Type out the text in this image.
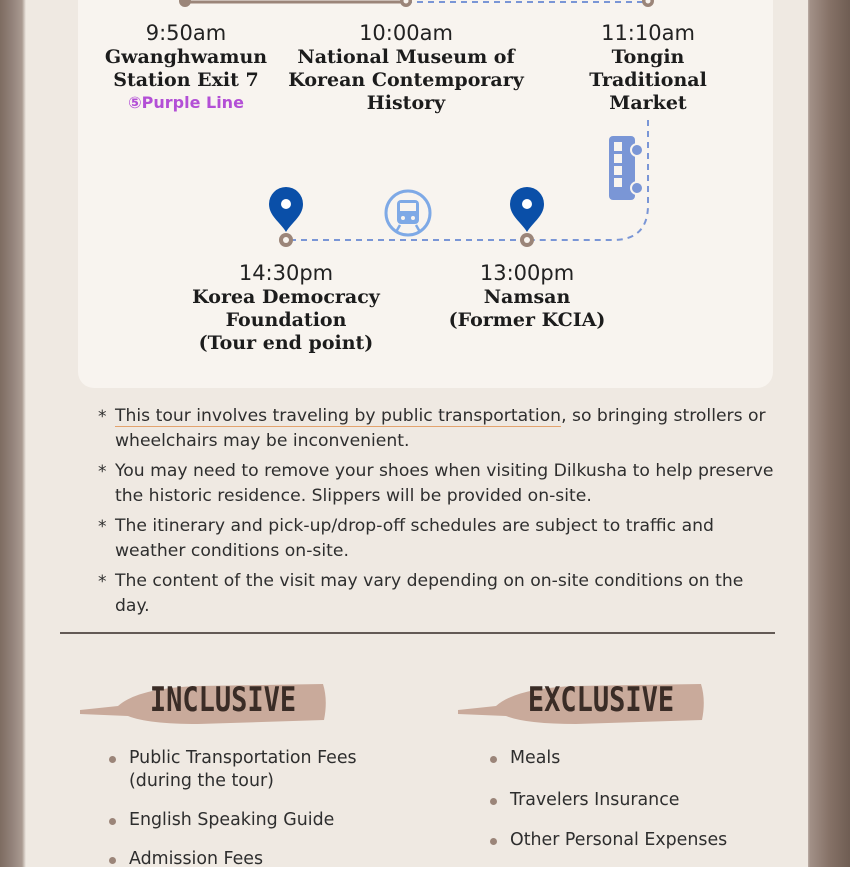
9:50am
Gwanghwamun
Station Exit 7
⑤Purple Line
10:00am
National Museum of
Korean Contemporary
History
11:10am
Tongin
Traditional
Market
13:00pm
Namsan
(Former KCIA)
14:30pm
Korea Democracy
Foundation
(Tour end point)
* This tour involves traveling by public transportation, so bringing strollers or wheelchairs may be inconvenient.
* You may need to remove your shoes when visiting Dilkusha to help preserve the historic residence. Slippers will be provided on-site.
* The itinerary and pick-up/drop-off schedules are subject to traffic and weather conditions on-site.
* The content of the visit may vary depending on on-site conditions on the day.
INCLUSIVE	EXCLUSIVE
Public Transportation Fees
(during the tour)
English Speaking Guide
Admission Fees
Meals
Travelers Insurance
Other Personal Expenses
